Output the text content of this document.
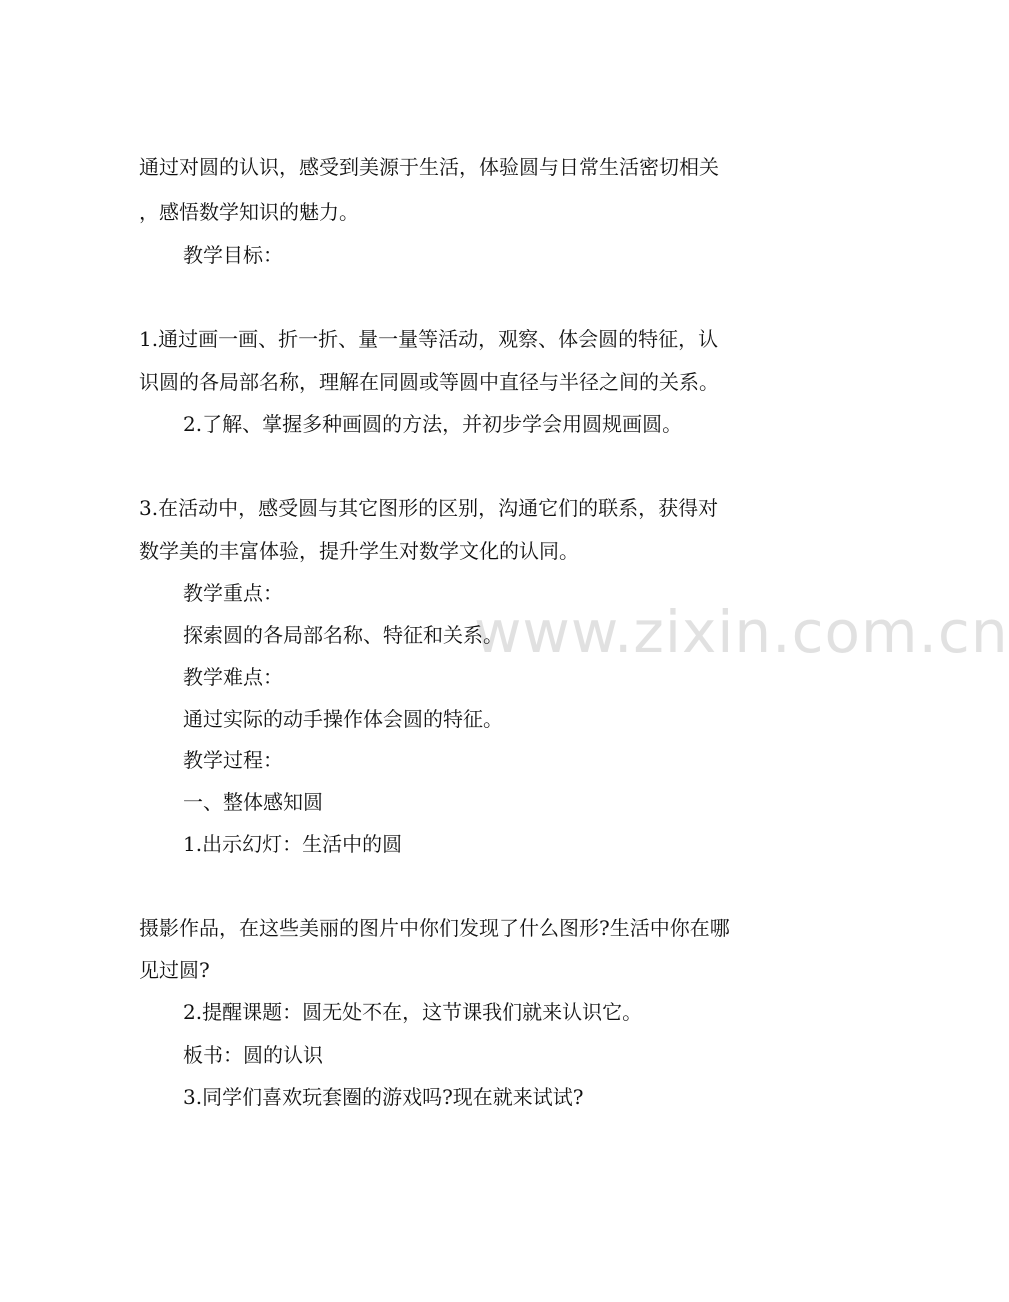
www.zixin.com.cn
通过对圆的认识，感受到美源于生活，体验圆与日常生活密切相关
，感悟数学知识的魅力。
教学目标：
1.通过画一画、折一折、量一量等活动，观察、体会圆的特征，认
识圆的各局部名称，理解在同圆或等圆中直径与半径之间的关系。
2.了解、掌握多种画圆的方法，并初步学会用圆规画圆。
3.在活动中，感受圆与其它图形的区别，沟通它们的联系，获得对
数学美的丰富体验，提升学生对数学文化的认同。
教学重点：
探索圆的各局部名称、特征和关系。
教学难点：
通过实际的动手操作体会圆的特征。
教学过程：
一、整体感知圆
1.出示幻灯：生活中的圆
摄影作品，在这些美丽的图片中你们发现了什么图形?生活中你在哪
见过圆?
2.提醒课题：圆无处不在，这节课我们就来认识它。
板书：圆的认识
3.同学们喜欢玩套圈的游戏吗?现在就来试试?
